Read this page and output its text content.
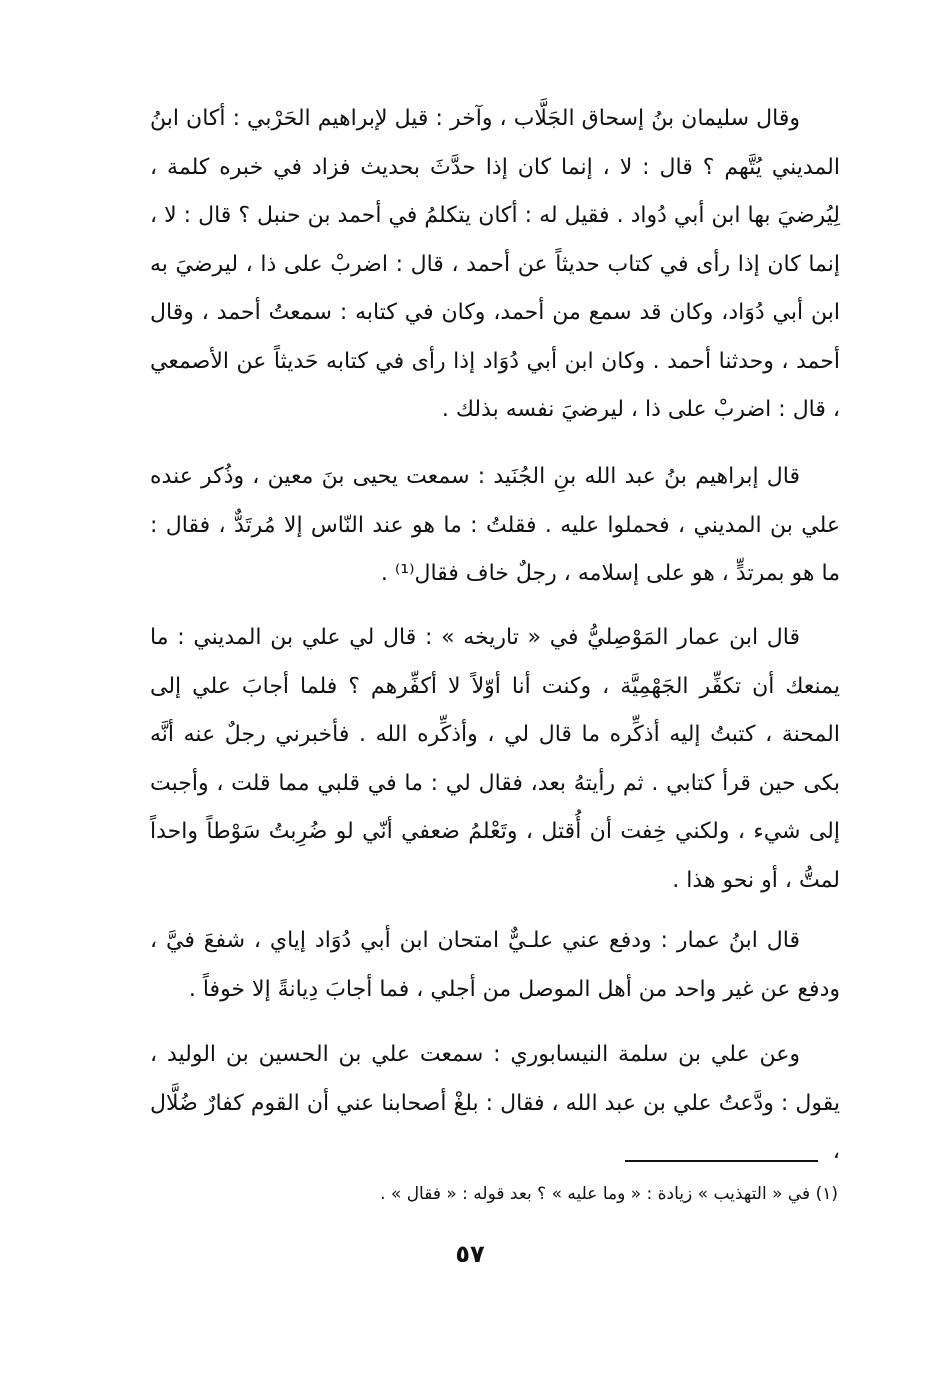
وقال سليمان بنُ إسحاق الجَلَّاب ، وآخر : قيل لإبراهيم الحَرْبي : أكان ابنُ المديني يُتَّهم ؟ قال : لا ، إنما كان إذا حدَّثَ بحديث فزاد في خبره كلمة ، لِيُرضيَ بها ابن أبي دُواد . فقيل له : أكان يتكلمُ في أحمد بن حنبل ؟ قال : لا ، إنما كان إذا رأى في كتاب حديثاً عن أحمد ، قال : اضربْ على ذا ، ليرضيَ به ابن أبي دُوَاد، وكان قد سمع من أحمد، وكان في كتابه : سمعتُ أحمد ، وقال أحمد ، وحدثنا أحمد . وكان ابن أبي دُوَاد إذا رأى في كتابه حَديثاً عن الأصمعي ، قال : اضربْ على ذا ، ليرضيَ نفسه بذلك .

قال إبراهيم بنُ عبد الله بنِ الجُنَيد : سمعت يحيى بنَ معين ، وذُكر عنده علي بن المديني ، فحملوا عليه . فقلتُ : ما هو عند النّاس إلا مُرتَدٌّ ، فقال : ما هو بمرتدٍّ ، هو على إسلامه ، رجلٌ خاف فقال⁽¹⁾ .

قال ابن عمار المَوْصِليُّ في « تاريخه » : قال لي علي بن المديني : ما يمنعك أن تكفِّر الجَهْمِيَّة ، وكنت أنا أوّلاً لا أكفِّرهم ؟ فلما أجابَ علي إلى المحنة ، كتبتُ إليه أذكِّره ما قال لي ، وأذكِّره الله . فأخبرني رجلٌ عنه أنَّه بكى حين قرأ كتابي . ثم رأيتهُ بعد، فقال لي : ما في قلبي مما قلت ، وأجبت إلى شيء ، ولكني خِفت أن أُقتل ، وتَعْلمُ ضعفي أنّي لو ضُرِبتُ سَوْطاً واحداً لمتُّ ، أو نحو هذا .

قال ابنُ عمار : ودفع عني علـيٌّ امتحان ابن أبي دُوَاد إياي ، شفعَ فيَّ ، ودفع عن غير واحد من أهل الموصل من أجلي ، فما أجابَ دِيانةً إلا خوفاً .

وعن علي بن سلمة النيسابوري : سمعت علي بن الحسين بن الوليد ، يقول : ودَّعتُ علي بن عبد الله ، فقال : بلغْ أصحابنا عني أن القوم كفارٌ ضُلَّال ،

(١) في « التهذيب » زيادة : « وما عليه » ؟ بعد قوله : « فقال » .
٥٧
